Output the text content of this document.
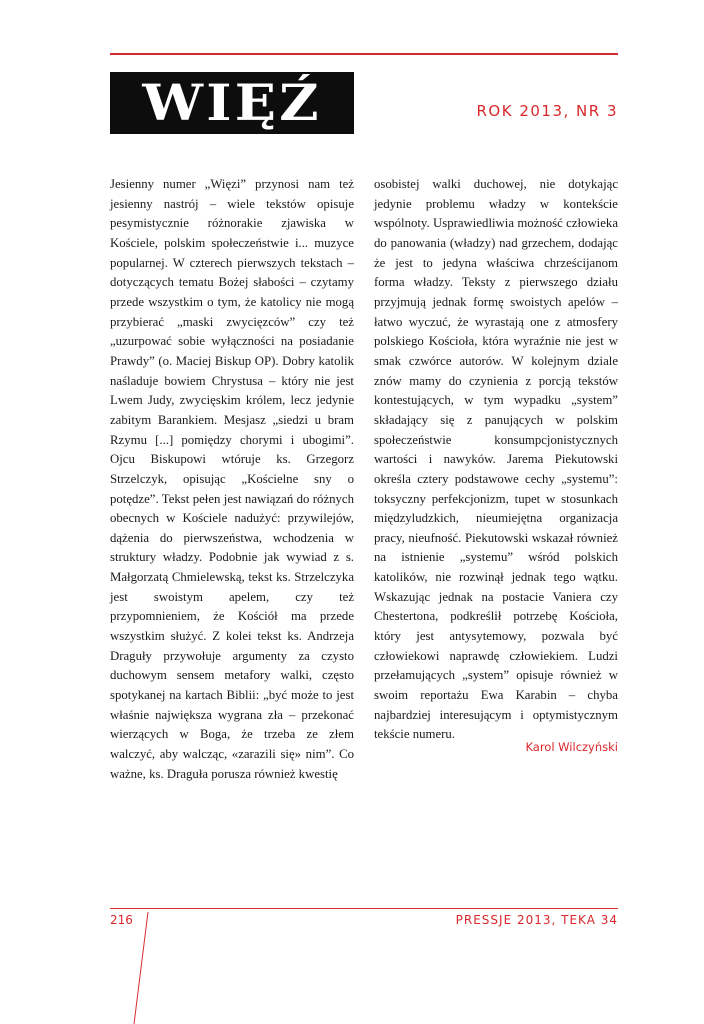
WIĘŹ	ROK 2013, NR 3

Jesienny numer „Więzi” przynosi nam też jesienny nastrój – wiele tekstów opisuje pesymistycznie różnorakie zjawiska w Kościele, polskim społeczeństwie i... muzyce popularnej. W czterech pierwszych tekstach – dotyczących tematu Bożej słabości – czytamy przede wszystkim o tym, że katolicy nie mogą przybierać „maski zwycięzców” czy też „uzurpować sobie wyłączności na posiadanie Prawdy” (o. Maciej Biskup OP). Dobry katolik naśladuje bowiem Chrystusa – który nie jest Lwem Judy, zwycięskim królem, lecz jedynie zabitym Barankiem. Mesjasz „siedzi u bram Rzymu [...] pomiędzy chorymi i ubogimi”. Ojcu Biskupowi wtóruje ks. Grzegorz Strzelczyk, opisując „Kościelne sny o potędze”. Tekst pełen jest nawiązań do różnych obecnych w Kościele nadużyć: przywilejów, dążenia do pierwszeństwa, wchodzenia w struktury władzy. Podobnie jak wywiad z s. Małgorzatą Chmielewską, tekst ks. Strzelczyka jest swoistym apelem, czy też przypomnieniem, że Kościół ma przede wszystkim służyć. Z kolei tekst ks. Andrzeja Draguły przywołuje argumenty za czysto duchowym sensem metafory walki, często spotykanej na kartach Biblii: „być może to jest właśnie największa wygrana zła – przekonać wierzących w Boga, że trzeba ze złem walczyć, aby walcząc, «zarazili się» nim”. Co ważne, ks. Draguła porusza również kwestię

osobistej walki duchowej, nie dotykając jedynie problemu władzy w kontekście wspólnoty. Usprawiedliwia możność człowieka do panowania (władzy) nad grzechem, dodając że jest to jedyna właściwa chrześcijanom forma władzy. Teksty z pierwszego działu przyjmują jednak formę swoistych apelów – łatwo wyczuć, że wyrastają one z atmosfery polskiego Kościoła, która wyraźnie nie jest w smak czwórce autorów. W kolejnym dziale znów mamy do czynienia z porcją tekstów kontestujących, w tym wypadku „system” składający się z panujących w polskim społeczeństwie konsumpcjonistycznych wartości i nawyków. Jarema Piekutowski określa cztery podstawowe cechy „systemu”: toksyczny perfekcjonizm, tupet w stosunkach międzyludzkich, nieumiejętna organizacja pracy, nieufność. Piekutowski wskazał również na istnienie „systemu” wśród polskich katolików, nie rozwinął jednak tego wątku. Wskazując jednak na postacie Vaniera czy Chestertona, podkreślił potrzebę Kościoła, który jest antysytemowy, pozwala być człowiekowi naprawdę człowiekiem. Ludzi przełamujących „system” opisuje również w swoim reportażu Ewa Karabin – chyba najbardziej interesującym i optymistycznym tekście numeru.

Karol Wilczyński
216	PRESSJE 2013, TEKA 34
